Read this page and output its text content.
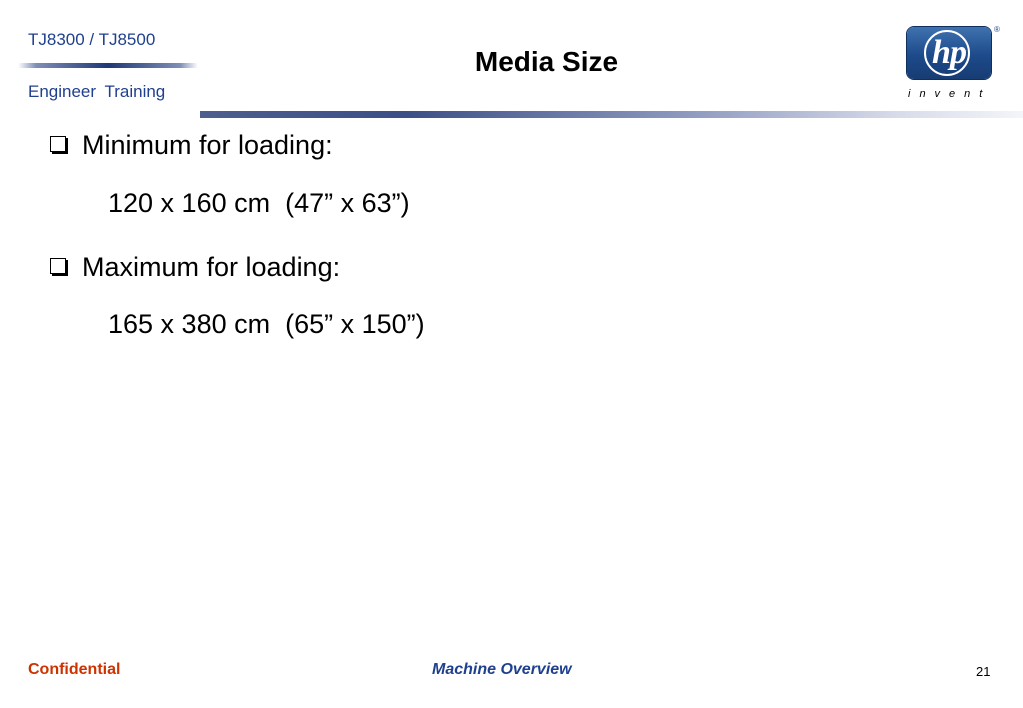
TJ8300 / TJ8500
Engineer Training
Media Size	hp
®
invent
Minimum for loading:
120 x 160 cm  (47” x 63”)
Maximum for loading:
165 x 380 cm  (65” x 150”)
Confidential	Machine Overview	21
